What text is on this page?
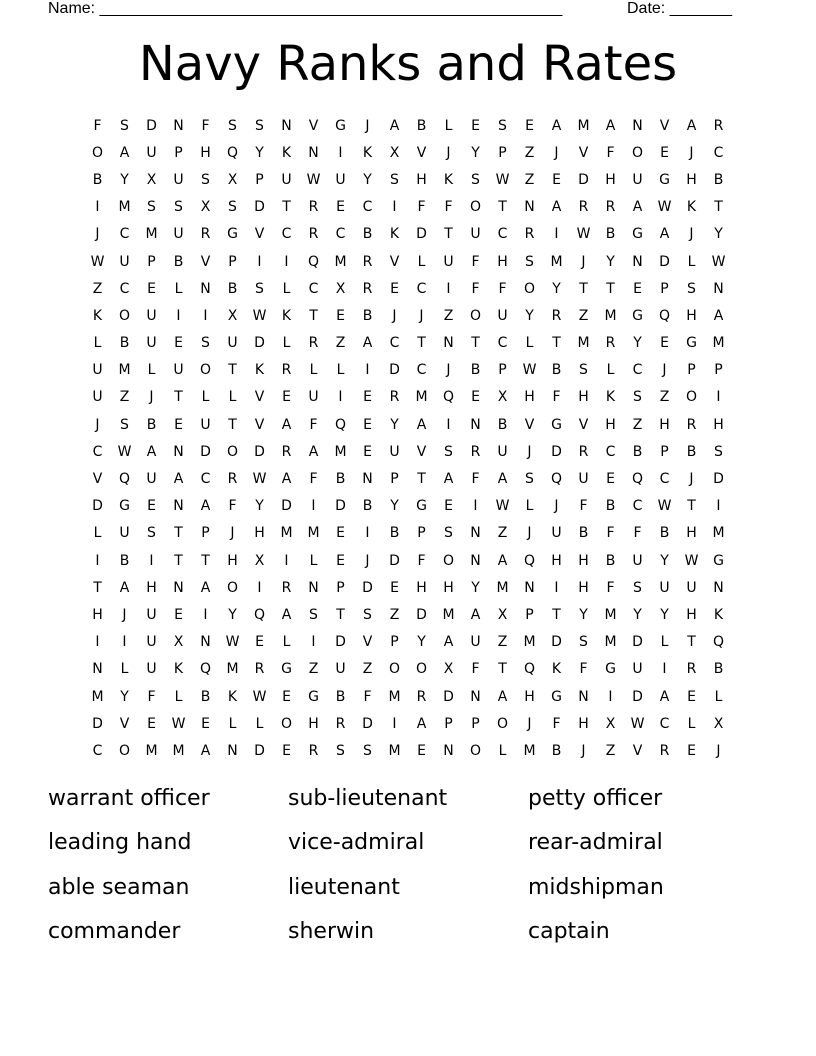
Name: ____________________________________________________	Date: _______
Navy Ranks and Rates
F	S	D	N	F	S	S	N	V	G	J	A	B	L	E	S	E	A	M	A	N	V	A	R
O	A	U	P	H	Q	Y	K	N	I	K	X	V	J	Y	P	Z	J	V	F	O	E	J	C
B	Y	X	U	S	X	P	U	W	U	Y	S	H	K	S	W	Z	E	D	H	U	G	H	B
I	M	S	S	X	S	D	T	R	E	C	I	F	F	O	T	N	A	R	R	A	W	K	T
J	C	M	U	R	G	V	C	R	C	B	K	D	T	U	C	R	I	W	B	G	A	J	Y
W	U	P	B	V	P	I	I	Q	M	R	V	L	U	F	H	S	M	J	Y	N	D	L	W
Z	C	E	L	N	B	S	L	C	X	R	E	C	I	F	F	O	Y	T	T	E	P	S	N
K	O	U	I	I	X	W	K	T	E	B	J	J	Z	O	U	Y	R	Z	M	G	Q	H	A
L	B	U	E	S	U	D	L	R	Z	A	C	T	N	T	C	L	T	M	R	Y	E	G	M
U	M	L	U	O	T	K	R	L	L	I	D	C	J	B	P	W	B	S	L	C	J	P	P
U	Z	J	T	L	L	V	E	U	I	E	R	M	Q	E	X	H	F	H	K	S	Z	O	I
J	S	B	E	U	T	V	A	F	Q	E	Y	A	I	N	B	V	G	V	H	Z	H	R	H
C	W	A	N	D	O	D	R	A	M	E	U	V	S	R	U	J	D	R	C	B	P	B	S
V	Q	U	A	C	R	W	A	F	B	N	P	T	A	F	A	S	Q	U	E	Q	C	J	D
D	G	E	N	A	F	Y	D	I	D	B	Y	G	E	I	W	L	J	F	B	C	W	T	I
L	U	S	T	P	J	H	M	M	E	I	B	P	S	N	Z	J	U	B	F	F	B	H	M
I	B	I	T	T	H	X	I	L	E	J	D	F	O	N	A	Q	H	H	B	U	Y	W	G
T	A	H	N	A	O	I	R	N	P	D	E	H	H	Y	M	N	I	H	F	S	U	U	N
H	J	U	E	I	Y	Q	A	S	T	S	Z	D	M	A	X	P	T	Y	M	Y	Y	H	K
I	I	U	X	N	W	E	L	I	D	V	P	Y	A	U	Z	M	D	S	M	D	L	T	Q
N	L	U	K	Q	M	R	G	Z	U	Z	O	O	X	F	T	Q	K	F	G	U	I	R	B
M	Y	F	L	B	K	W	E	G	B	F	M	R	D	N	A	H	G	N	I	D	A	E	L
D	V	E	W	E	L	L	O	H	R	D	I	A	P	P	O	J	F	H	X	W	C	L	X
C	O	M	M	A	N	D	E	R	S	S	M	E	N	O	L	M	B	J	Z	V	R	E	J
warrant officer	sub-lieutenant	petty officer
leading hand	vice-admiral	rear-admiral
able seaman	lieutenant	midshipman
commander	sherwin	captain
